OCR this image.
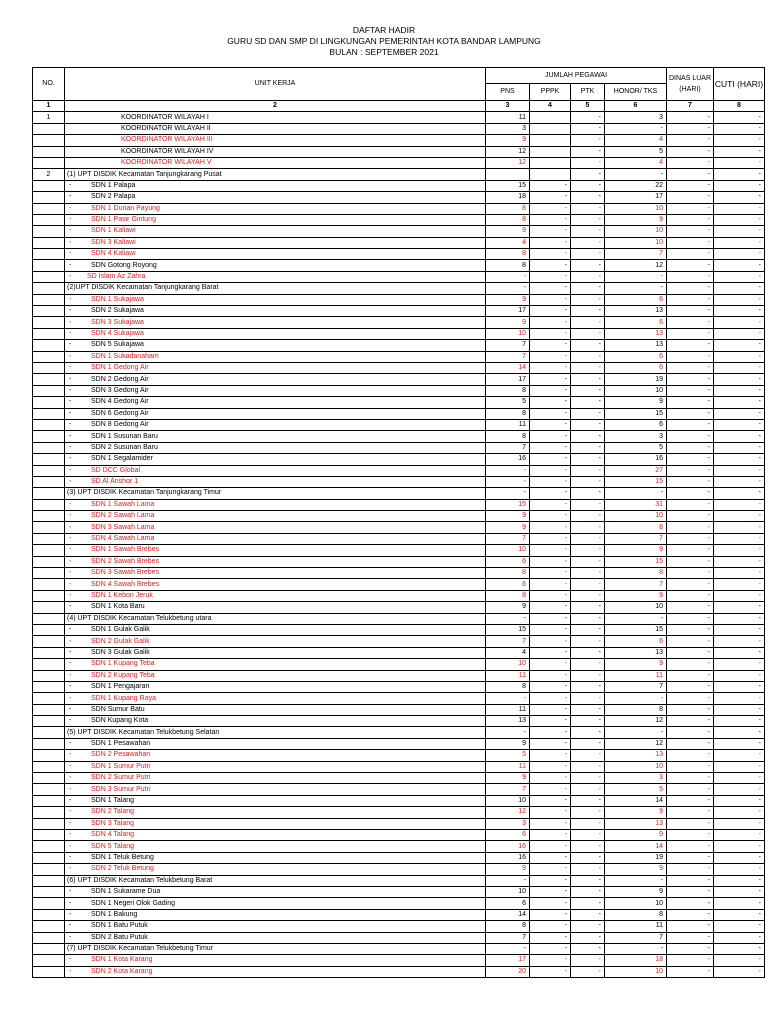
DAFTAR HADIR
GURU SD DAN SMP DI LINGKUNGAN PEMERINTAH KOTA BANDAR LAMPUNG
BULAN : SEPTEMBER 2021
NO.	UNIT KERJA	JUMLAH PEGAWAI				DINAS LUAR
(HARI)	CUTI (HARI)
		PNS	PPPK	PTK	HONOR/ TKS		
1	2	3	4	5	6	7	8
1	KOORDINATOR WILAYAH I	11		-	3	-	-
	KOORDINATOR WILAYAH II	3		-	-	-	-
	KOORDINATOR WILAYAH III	9		-	4	-	-
	KOORDINATOR WILAYAH IV	12		-	5	-	-
	KOORDINATOR WILAYAH V	12		-	4	-	-
2	(1) UPT DISDIK Kecamatan Tanjungkarang Pusat			-	-	-	-
	- SDN 1 Palapa	15	-	-	22	-	-
	- SDN 2 Palapa	18	-	-	17	-	-
	- SDN 1 Durian Payung	8	-	-	10	-	-
	- SDN 1 Pasir Gintung	8	-	-	9	-	-
	- SDN 1 Kaliawi	9	-	-	10	-	-
	- SDN 3 Kaliawi	4	-	-	10	-	-
	- SDN 4 Kaliawi	8	-	-	7	-	-
	- SDN Gotong Royong	8	-	-	12	-	-
	- SD Islam Az Zahra	-	-	-	-	-	-
	(2)UPT DISDIK Kecamatan Tanjungkarang Barat	-	-	-	-	-	-
	- SDN 1 Sukajawa	9	-	-	6	-	-
	- SDN 2 Sukajawa	17	-	-	13	-	-
	- SDN 3 Sukajawa	9	-	-	6	-	-
	- SDN 4 Sukajawa	10	-	-	13	-	-
	- SDN 5 Sukajawa	7	-	-	13	-	-
	- SDN 1 Sukadanaham	7	-	-	6	-	-
	- SDN 1 Gedong Air	14	-	-	6	-	-
	- SDN 2 Gedong Air	17	-	-	19	-	-
	- SDN 3 Gedong Air	8	-	-	10	-	-
	- SDN 4 Gedong Air	5	-	-	9	-	-
	- SDN 6 Gedong Air	8	-	-	15	-	-
	- SDN 8 Gedong Air	11	-	-	6	-	-
	- SDN 1 Susunan Baru	8	-	-	3	-	-
	- SDN 2 Susunan Baru	7	-	-	5	-	-
	- SDN 1 Segalamider	16	-	-	16	-	-
	- SD DCC Global	-	-	-	27	-	-
	- SD Al Anshor 1	-	-	-	15	-	-
	(3) UPT DISDIK Kecamatan Tanjungkarang Timur	-	-	-	-	-	-
	- SDN 1 Sawah Lama	15	-	-	31	-	-
	- SDN 2 Sawah Lama	9	-	-	10	-	-
	- SDN 3 Sawah Lama	9	-	-	8	-	-
	- SDN 4 Sawah Lama	7	-	-	7	-	-
	- SDN 1 Sawah Brebes	10	-	-	9	-	-
	- SDN 2 Sawah Brebes	6	-	-	15	-	-
	- SDN 3 Sawah Brebes	8	-	-	8	-	-
	- SDN 4 Sawah Brebes	6	-	-	7	-	-
	- SDN 1 Kebon Jeruk	8	-	-	9	-	-
	- SDN 1 Kota Baru	9	-	-	10	-	-
	(4) UPT DISDIK Kecamatan Telukbetung utara	-	-	-	-	-	-
	- SDN 1 Gulak Galik	15	-	-	15	-	-
	- SDN 2 Gulak Galik	7	-	-	6	-	-
	- SDN 3 Gulak Galik	4	-	-	13	-	-
	- SDN 1 Kupang Teba	10	-	-	9	-	-
	- SDN 2 Kupang Teba	11	-	-	11	-	-
	- SDN 1 Pengajaran	8	-	-	7	-	-
	- SDN 1 Kupang Raya	-	-	-	-	-	-
	- SDN Sumur Batu	11	-	-	8	-	-
	- SDN Kupang Kota	13	-	-	12	-	-
	(5) UPT DISDIK Kecamatan Telukbetung Selatan	-	-	-	-	-	-
	- SDN 1 Pesawahan	9	-	-	12	-	-
	- SDN 2 Pesawahan	5	-	-	13	-	-
	- SDN 1 Sumur Putri	11	-	-	10	-	-
	- SDN 2 Sumur Putri	9	-	-	3	-	-
	- SDN 3 Sumur Putri	7	-	-	5	-	-
	- SDN 1 Talang	10	-	-	14	-	-
	- SDN 2 Talang	12	-	-	9	-	-
	- SDN 3 Talang	3	-	-	13	-	-
	- SDN 4 Talang	6	-	-	9	-	-
	- SDN 5 Talang	16	-	-	14	-	-
	- SDN 1 Teluk Betung	16	-	-	19	-	-
	- SDN 2 Teluk Betung	9	-	-	9	-	-
	(6) UPT DISDIK Kecamatan Telukbetung Barat	-	-	-	-	-	-
	- SDN 1 Sukarame Dua	10	-	-	9	-	-
	- SDN 1 Negeri Olok Gading	6	-	-	10	-	-
	- SDN 1 Bakung	14	-	-	8	-	-
	- SDN 1 Batu Putuk	8	-	-	11	-	-
	- SDN 2 Batu Putuk	7	-	-	7	-	-
	(7) UPT DISDIK Kecamatan Telukbetung Timur	-	-	-	-	-	-
	- SDN 1 Kota Karang	17	-	-	18	-	-
	- SDN 2 Kota Karang	20	-	-	10	-	-
